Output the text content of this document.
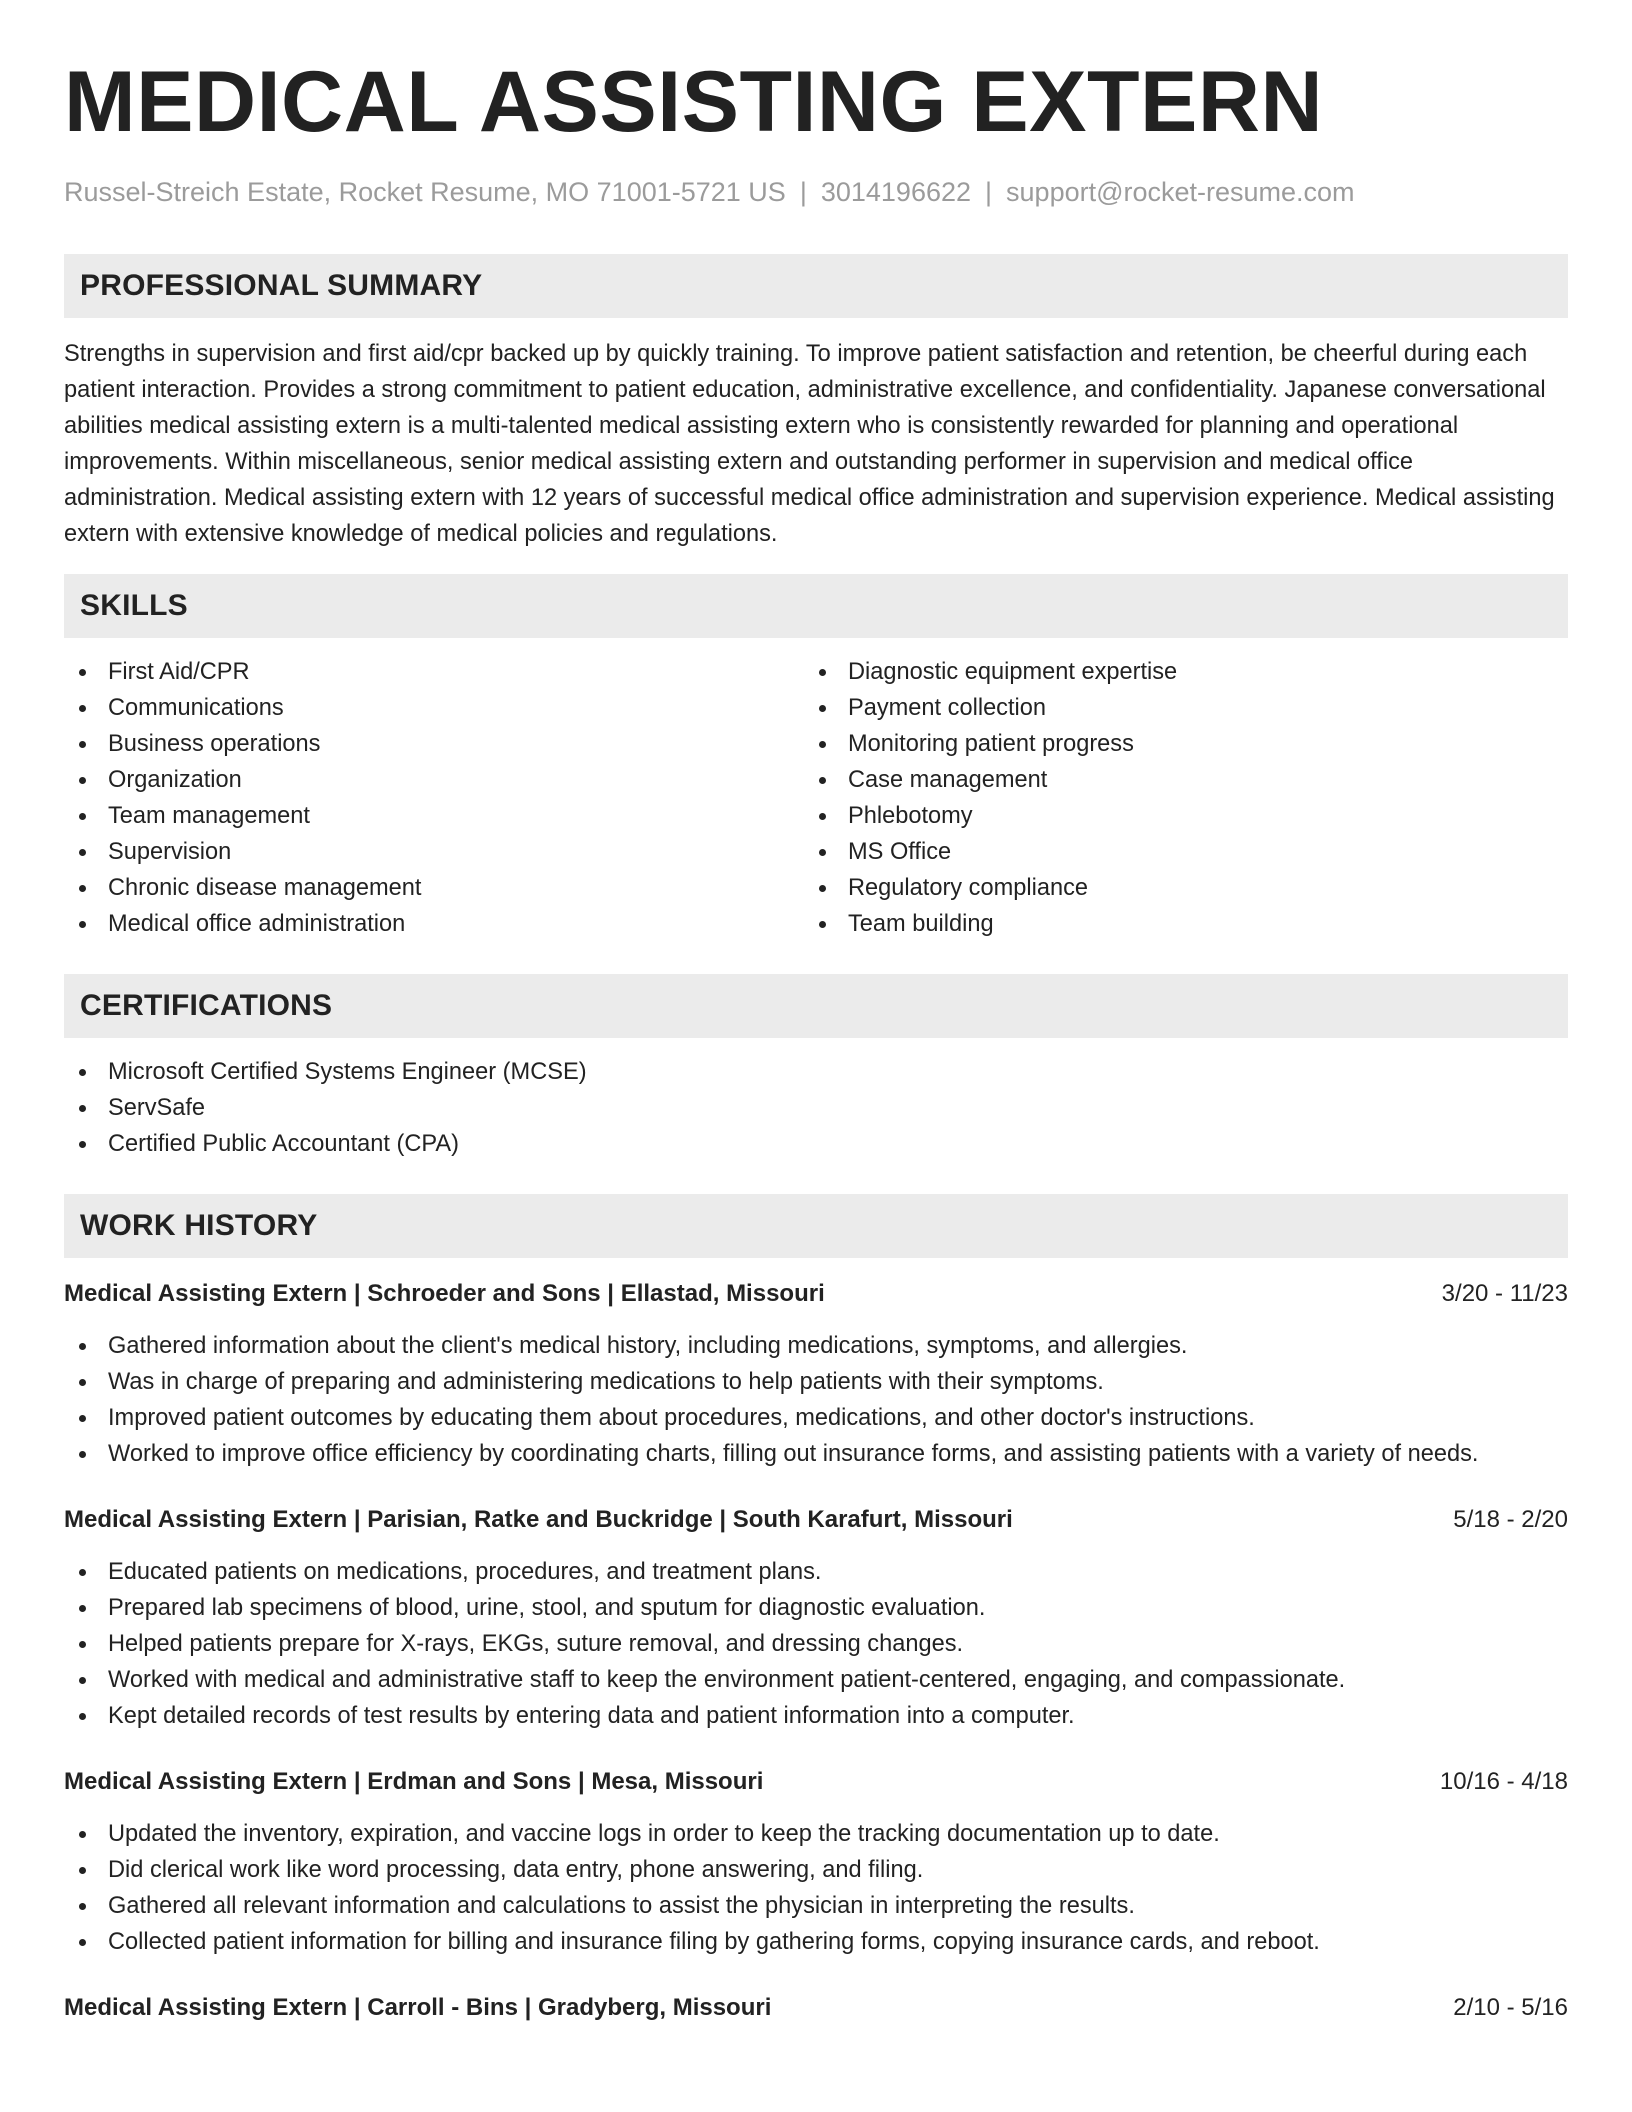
MEDICAL ASSISTING EXTERN
Russel-Streich Estate, Rocket Resume, MO 71001-5721 US | 3014196622 | support@rocket-resume.com
PROFESSIONAL SUMMARY

Strengths in supervision and first aid/cpr backed up by quickly training. To improve patient satisfaction and retention, be cheerful during each patient interaction. Provides a strong commitment to patient education, administrative excellence, and confidentiality. Japanese conversational abilities medical assisting extern is a multi-talented medical assisting extern who is consistently rewarded for planning and operational improvements. Within miscellaneous, senior medical assisting extern and outstanding performer in supervision and medical office administration. Medical assisting extern with 12 years of successful medical office administration and supervision experience. Medical assisting extern with extensive knowledge of medical policies and regulations.

SKILLS
First Aid/CPR
Communications
Business operations
Organization
Team management
Supervision
Chronic disease management
Medical office administration
Diagnostic equipment expertise
Payment collection
Monitoring patient progress
Case management
Phlebotomy
MS Office
Regulatory compliance
Team building
CERTIFICATIONS
Microsoft Certified Systems Engineer (MCSE)
ServSafe
Certified Public Accountant (CPA)
WORK HISTORY
Medical Assisting Extern | Schroeder and Sons | Ellastad, Missouri	3/20 - 11/23
Gathered information about the client's medical history, including medications, symptoms, and allergies.
Was in charge of preparing and administering medications to help patients with their symptoms.
Improved patient outcomes by educating them about procedures, medications, and other doctor's instructions.
Worked to improve office efficiency by coordinating charts, filling out insurance forms, and assisting patients with a variety of needs.
Medical Assisting Extern | Parisian, Ratke and Buckridge | South Karafurt, Missouri	5/18 - 2/20
Educated patients on medications, procedures, and treatment plans.
Prepared lab specimens of blood, urine, stool, and sputum for diagnostic evaluation.
Helped patients prepare for X-rays, EKGs, suture removal, and dressing changes.
Worked with medical and administrative staff to keep the environment patient-centered, engaging, and compassionate.
Kept detailed records of test results by entering data and patient information into a computer.
Medical Assisting Extern | Erdman and Sons | Mesa, Missouri	10/16 - 4/18
Updated the inventory, expiration, and vaccine logs in order to keep the tracking documentation up to date.
Did clerical work like word processing, data entry, phone answering, and filing.
Gathered all relevant information and calculations to assist the physician in interpreting the results.
Collected patient information for billing and insurance filing by gathering forms, copying insurance cards, and reboot.
Medical Assisting Extern | Carroll - Bins | Gradyberg, Missouri	2/10 - 5/16
